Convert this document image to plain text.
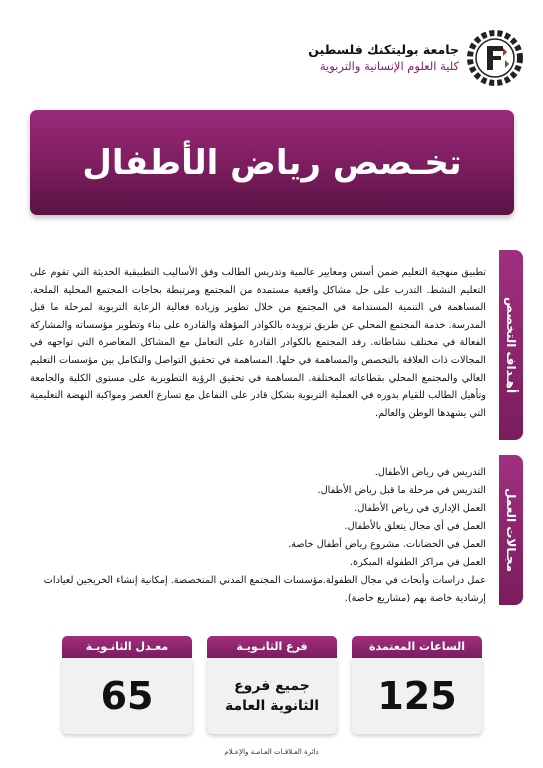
جامعة بوليتكنك فلسطين
كلية العلوم الإنسانية والتربوية
تخـصص رياض الأطفال
أهـداف التخصص
تطبيق منهجية التعليم ضمن أسس ومعايير عالمية وتدريس الطالب وفق الأساليب التطبيقية الحديثة التي تقوم على التعليم النشط. التدرب على حل مشاكل واقعية مستمدة من المجتمع ومرتبطة بحاجات المجتمع المحلية الملحة. المساهمة في التنمية المستدامة في المجتمع من خلال تطوير وزيادة فعالية الرعاية التربوية لمرحلة ما قبل المدرسة. خدمة المجتمع المحلي عن طريق تزويده بالكوادر المؤهلة والقادرة على بناء وتطوير مؤسساته والمشاركة الفعالة في مختلف نشاطاته. رفد المجتمع بالكوادر القادرة على التعامل مع المشاكل المعاصرة التي تواجهه في المجالات ذات العلاقة بالتخصص والمساهمة في حلها. المساهمة في تحقيق التواصل والتكامل بين مؤسسات التعليم العالي والمجتمع المحلي بقطاعاته المختلفة. المساهمة في تحقيق الرؤية التطويرية على مستوى الكلية والجامعة وتأهيل الطالب للقيام بدوره في العملية التربوية بشكل قادر على التفاعل مع تسارع العصر ومواكبة النهضة التعليمية التي يشهدها الوطن والعالم.
مجـالات العمل
التدريس في رياض الأطفال.
التدريس في مرحلة ما قبل رياض الأطفال.
العمل الإداري في رياض الأطفال.
العمل في أي مجال يتعلق بالأطفال.
العمل في الحضانات. مشروع رياض أطفال خاصة.
العمل في مراكز الطفولة المبكرة.
عمل دراسات وأبحاث في مجال الطفولة.مؤسسات المجتمع المدني المتخصصة. إمكانية إنشاء الخريجين لعيادات إرشادية خاصة بهم (مشاريع خاصة).
الساعات المعتمدة
125
فرع الثانـويـة
جميع فروع
الثانوية العامة
معـدل الثانـويـة
65
دائرة العـلاقـات العـامـة والإعـلام
